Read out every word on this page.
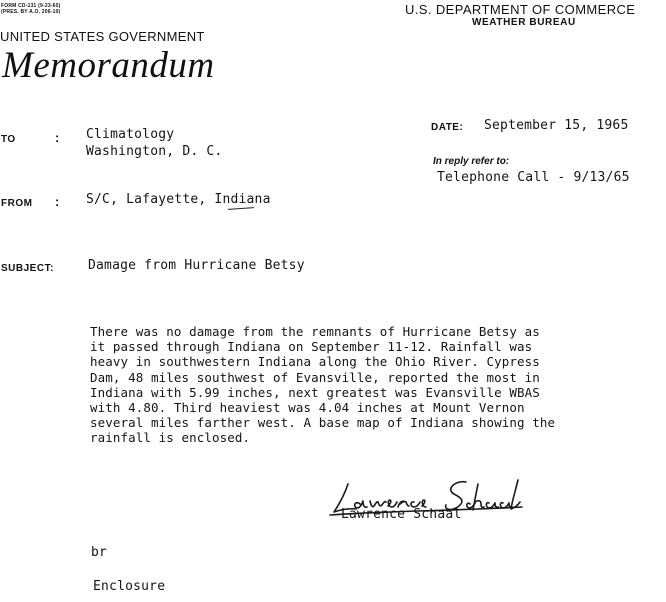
FORM CD-131 (9-23-60)
(PRES. BY A.O. 206-10)	U.S. DEPARTMENT OF COMMERCE
WEATHER BUREAU
UNITED STATES GOVERNMENT
Memorandum
TO	: Climatology
Washington, D. C.
DATE: September 15, 1965
In reply refer to:
Telephone Call - 9/13/65
FROM : S/C, Lafayette, Indiana
SUBJECT:	Damage from Hurricane Betsy
There was no damage from the remnants of Hurricane Betsy as
it passed through Indiana on September 11-12. Rainfall was
heavy in southwestern Indiana along the Ohio River. Cypress
Dam, 48 miles southwest of Evansville, reported the most in
Indiana with 5.99 inches, next greatest was Evansville WBAS
with 4.80. Third heaviest was 4.04 inches at Mount Vernon
several miles farther west. A base map of Indiana showing the
rainfall is enclosed.
Lawrence Schaal
br
Enclosure
